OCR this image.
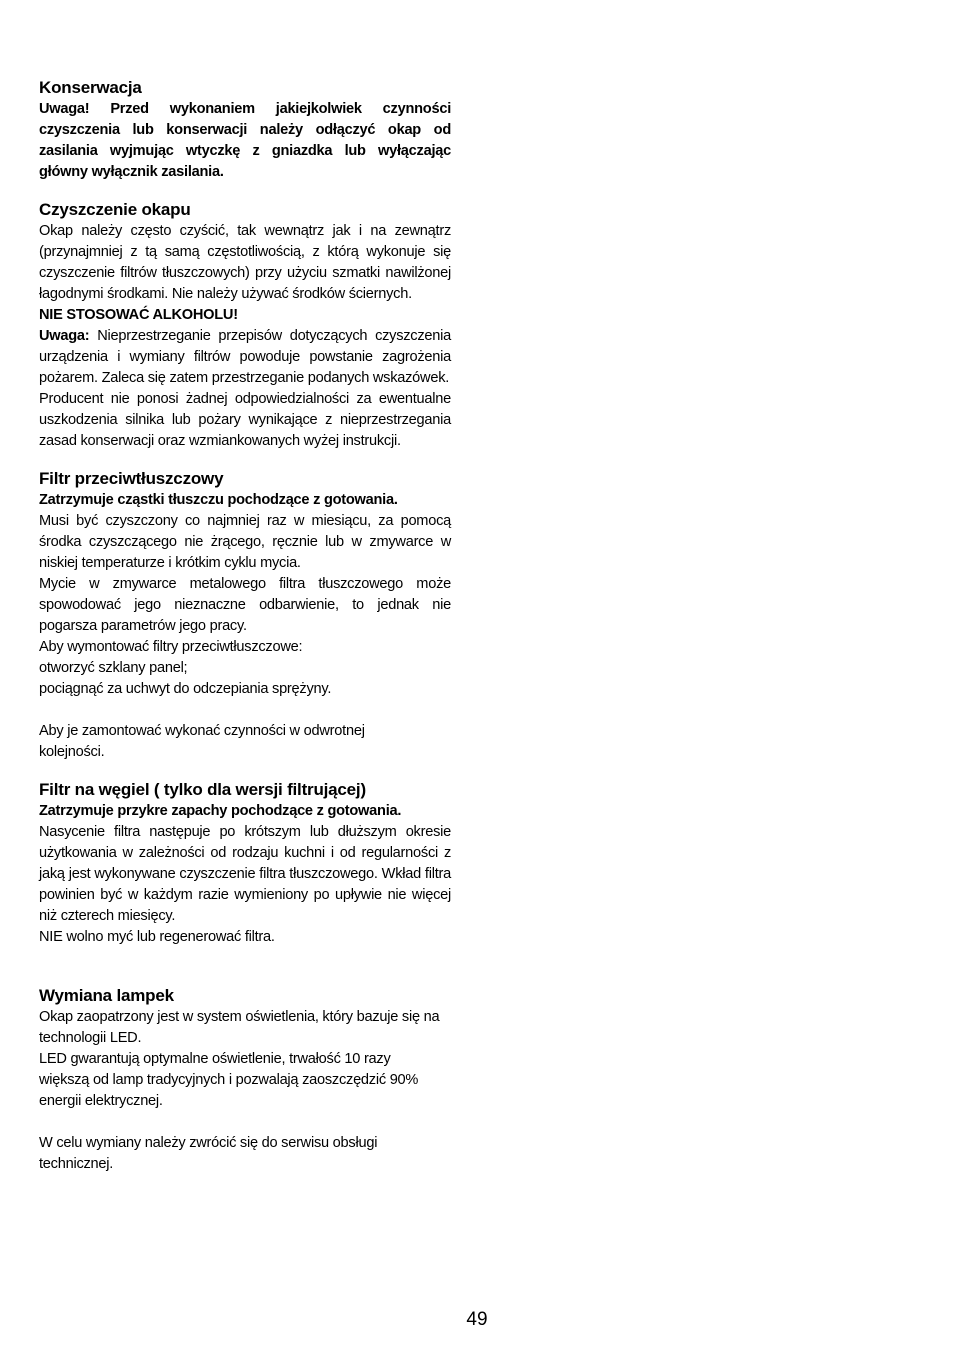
Konserwacja

Uwaga! Przed wykonaniem jakiejkolwiek czynności czyszczenia lub konserwacji należy odłączyć okap od zasilania wyjmując wtyczkę z gniazdka lub wyłączając główny wyłącznik zasilania.

Czyszczenie okapu

Okap należy często czyścić, tak wewnątrz jak i na zewnątrz (przynajmniej z tą samą częstotliwością, z którą wykonuje się czyszczenie filtrów tłuszczowych) przy użyciu szmatki nawilżonej łagodnymi środkami. Nie należy używać środków ściernych.

NIE STOSOWAĆ ALKOHOLU!

Uwaga: Nieprzestrzeganie przepisów dotyczących czyszczenia urządzenia i wymiany filtrów powoduje powstanie zagrożenia pożarem. Zaleca się zatem przestrzeganie podanych wskazówek.

Producent nie ponosi żadnej odpowiedzialności za ewentualne uszkodzenia silnika lub pożary wynikające z nieprzestrzegania zasad konserwacji oraz wzmiankowanych wyżej instrukcji.

Filtr przeciwtłuszczowy

Zatrzymuje cząstki tłuszczu pochodzące z gotowania.

Musi być czyszczony co najmniej raz w miesiącu, za pomocą środka czyszczącego nie żrącego, ręcznie lub w zmywarce w niskiej temperaturze i krótkim cyklu mycia.

Mycie w zmywarce metalowego filtra tłuszczowego może spowodować jego nieznaczne odbarwienie, to jednak nie pogarsza parametrów jego pracy.

Aby wymontować filtry przeciwtłuszczowe:

otworzyć szklany panel;

pociągnąć za uchwyt do odczepiania sprężyny.

Aby je zamontować wykonać czynności w odwrotnej kolejności.

Filtr na węgiel ( tylko dla wersji filtrującej)

Zatrzymuje przykre zapachy pochodzące z gotowania.

Nasycenie filtra następuje po krótszym lub dłuższym okresie użytkowania w zależności od rodzaju kuchni i od regularności z jaką jest wykonywane czyszczenie filtra tłuszczowego. Wkład filtra powinien być w każdym razie wymieniony po upływie nie więcej niż czterech miesięcy.

NIE wolno myć lub regenerować filtra.

Wymiana lampek

Okap zaopatrzony jest w system oświetlenia, który bazuje się na technologii LED.

LED gwarantują optymalne oświetlenie, trwałość 10 razy większą od lamp tradycyjnych i pozwalają zaoszczędzić 90% energii elektrycznej.

W celu wymiany należy zwrócić się do serwisu obsługi technicznej.

49
